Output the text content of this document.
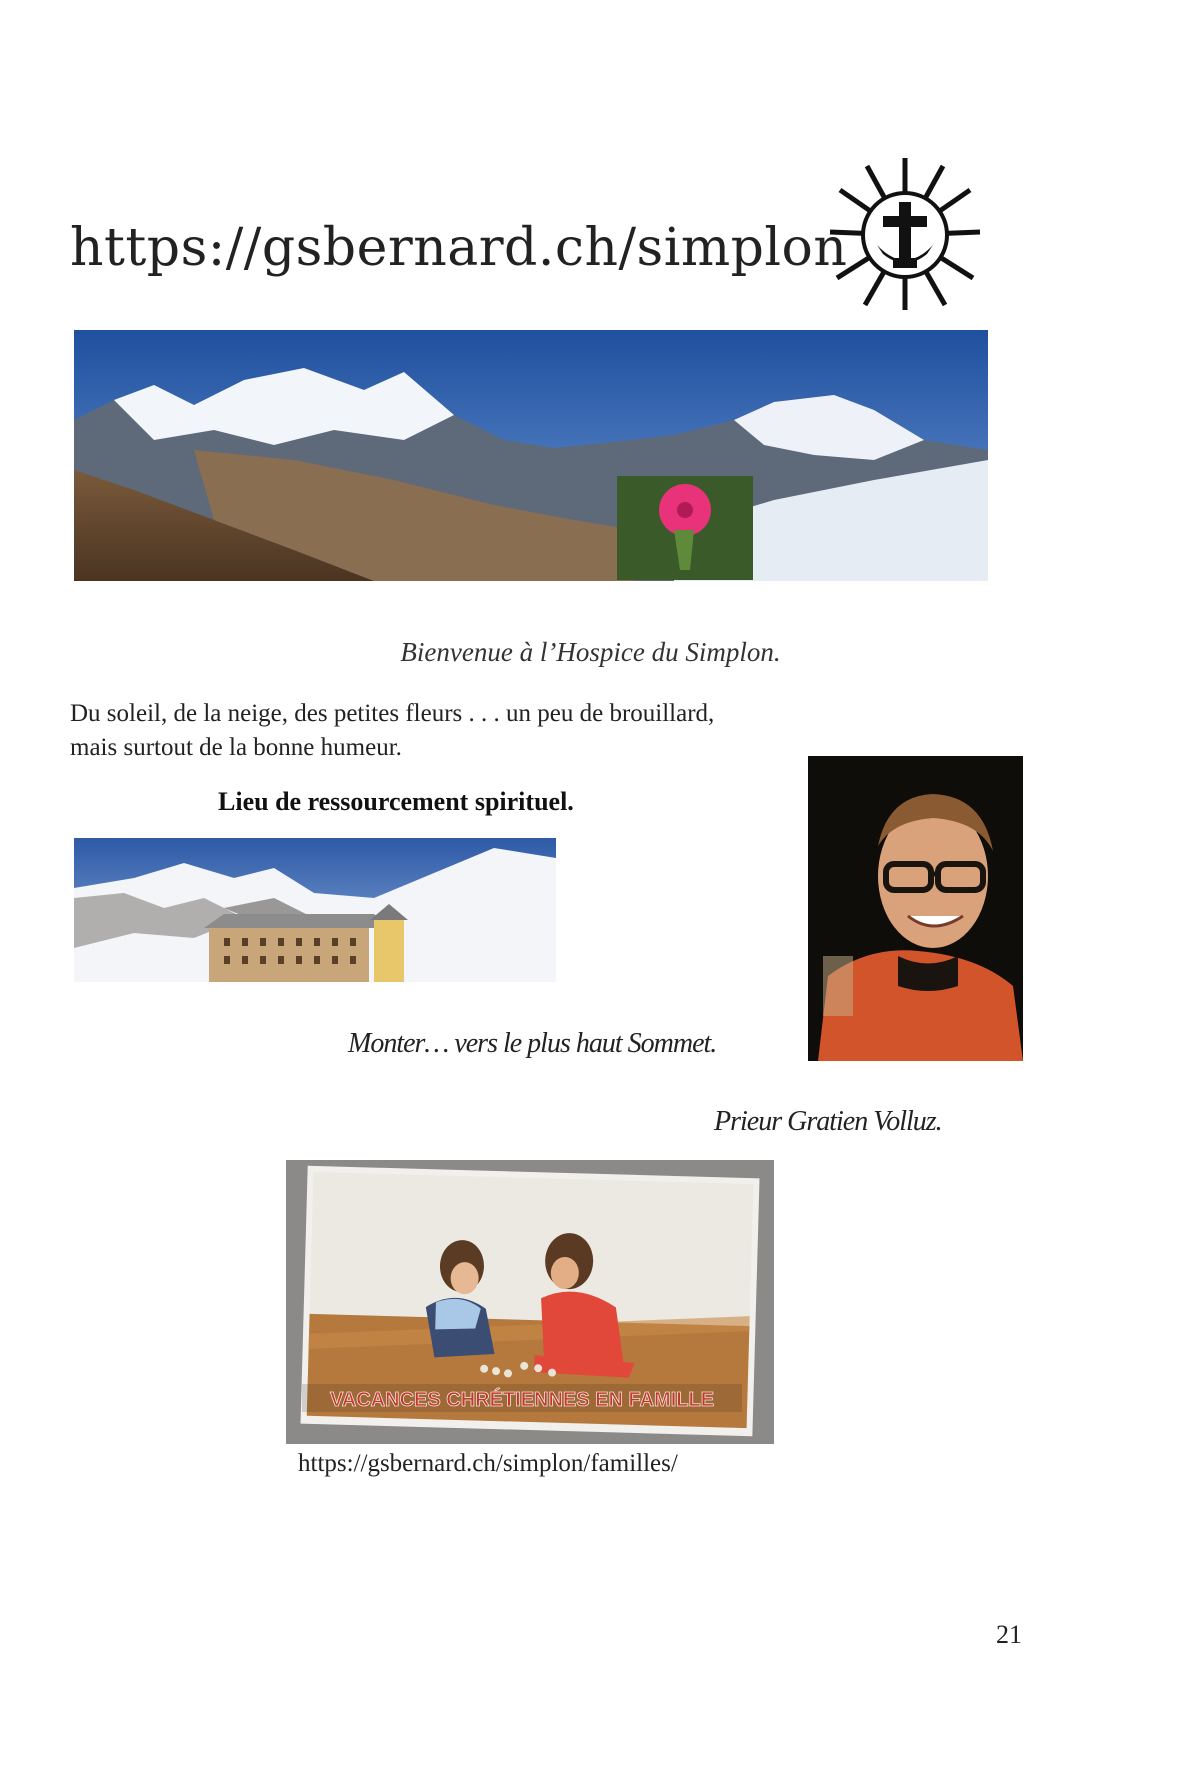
https://gsbernard.ch/simplon
Bienvenue à l’Hospice du Simplon.
Du soleil, de la neige, des petites fleurs . . . un peu de brouillard,
mais surtout de la bonne humeur.
Lieu de ressourcement spirituel.
Monter… vers le plus haut Sommet.
Prieur Gratien Volluz.
VACANCES CHRÉTIENNES EN FAMILLE
https://gsbernard.ch/simplon/familles/
21
